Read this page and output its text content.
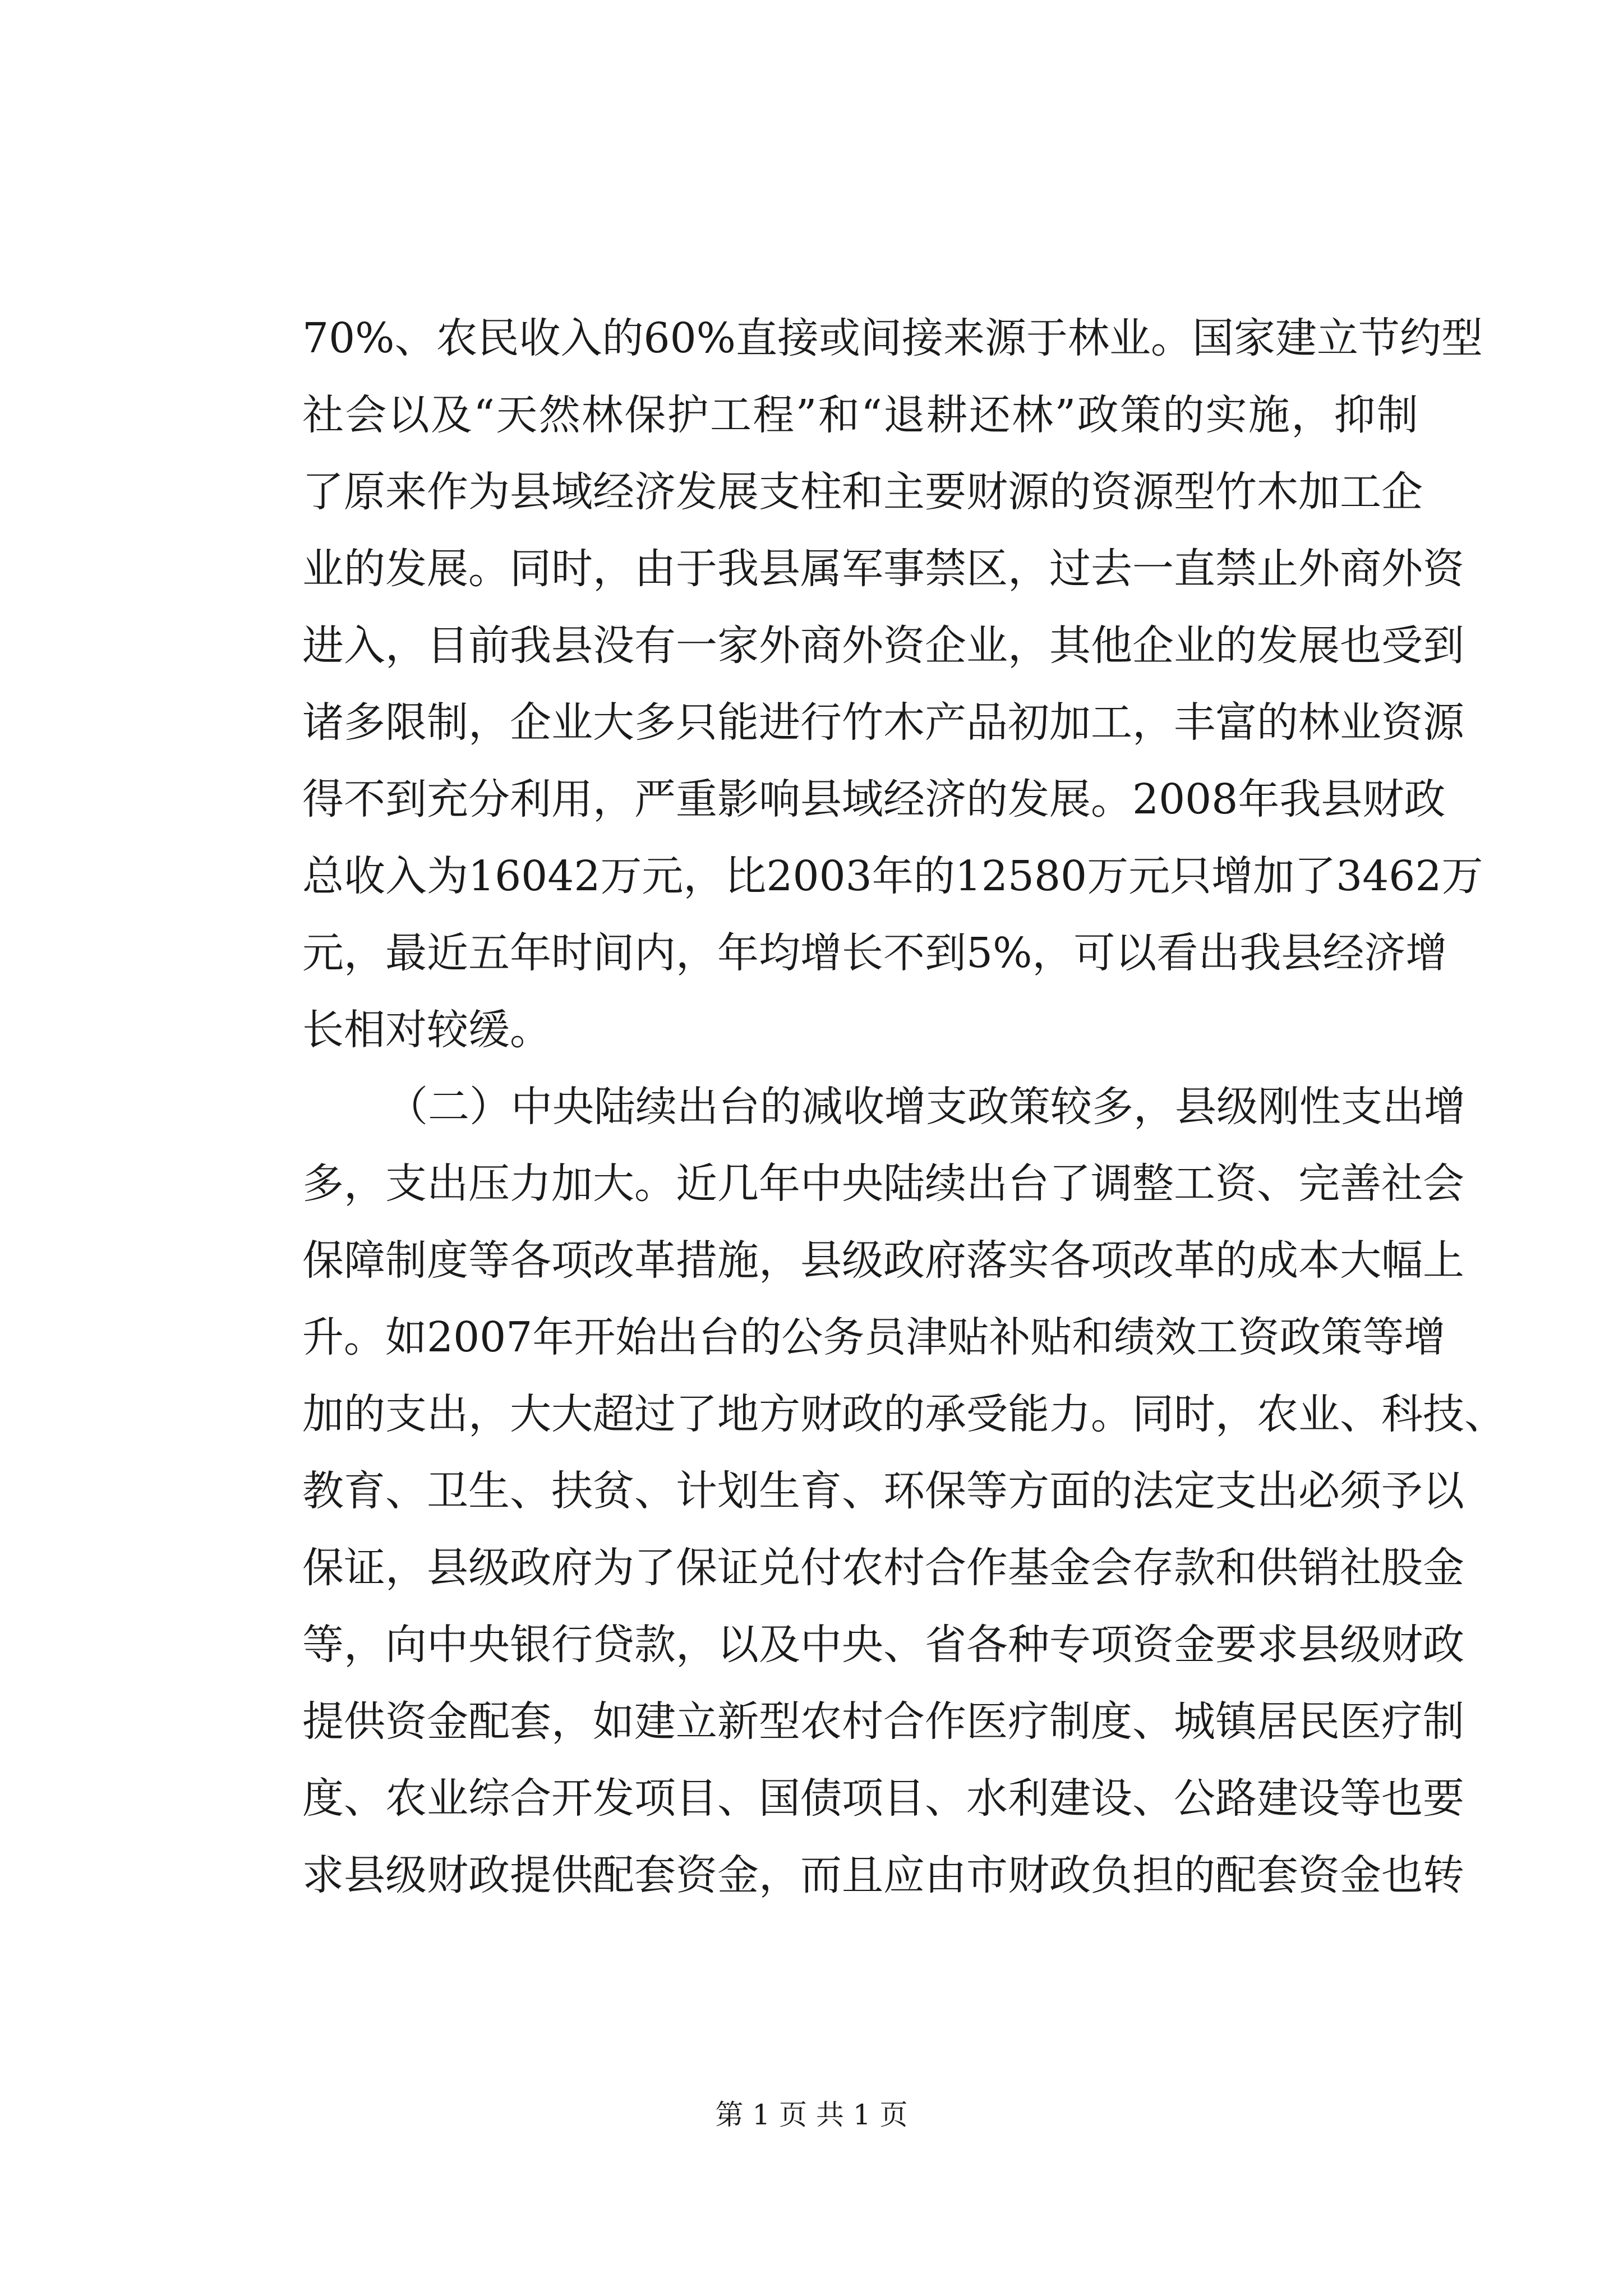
70% 、 农 民 收 入 的 60% 直 接 或 间 接 来 源 于 林 业 。 国 家 建 立 节 约 型
社 会 以 及 “ 天 然 林 保 护 工 程 ” 和 “ 退 耕 还 林 ” 政 策 的 实 施 ， 抑 制
了 原 来 作 为 县 域 经 济 发 展 支 柱 和 主 要 财 源 的 资 源 型 竹 木 加 工 企
业 的 发 展 。 同 时 ， 由 于 我 县 属 军 事 禁 区 ， 过 去 一 直 禁 止 外 商 外 资
进 入 ， 目 前 我 县 没 有 一 家 外 商 外 资 企 业 ， 其 他 企 业 的 发 展 也 受 到
诸 多 限 制 ， 企 业 大 多 只 能 进 行 竹 木 产 品 初 加 工 ， 丰 富 的 林 业 资 源
得 不 到 充 分 利 用 ， 严 重 影 响 县 域 经 济 的 发 展 。 2008 年 我 县 财 政
总 收 入 为 16042 万 元 ， 比 2003 年 的 12580 万 元 只 增 加 了 3462 万
元 ， 最 近 五 年 时 间 内 ， 年 均 增 长 不 到 5% ， 可 以 看 出 我 县 经 济 增
长相对较缓。
（ 二 ） 中 央 陆 续 出 台 的 减 收 增 支 政 策 较 多 ， 县 级 刚 性 支 出 增
多 ， 支 出 压 力 加 大 。 近 几 年 中 央 陆 续 出 台 了 调 整 工 资 、 完 善 社 会
保 障 制 度 等 各 项 改 革 措 施 ， 县 级 政 府 落 实 各 项 改 革 的 成 本 大 幅 上
升 。 如 2007 年 开 始 出 台 的 公 务 员 津 贴 补 贴 和 绩 效 工 资 政 策 等 增
加 的 支 出 ， 大 大 超 过 了 地 方 财 政 的 承 受 能 力 。 同 时 ， 农 业 、 科 技 、
教 育 、 卫 生 、 扶 贫 、 计 划 生 育 、 环 保 等 方 面 的 法 定 支 出 必 须 予 以
保 证 ， 县 级 政 府 为 了 保 证 兑 付 农 村 合 作 基 金 会 存 款 和 供 销 社 股 金
等 ， 向 中 央 银 行 贷 款 ， 以 及 中 央 、 省 各 种 专 项 资 金 要 求 县 级 财 政
提 供 资 金 配 套 ， 如 建 立 新 型 农 村 合 作 医 疗 制 度 、 城 镇 居 民 医 疗 制
度 、 农 业 综 合 开 发 项 目 、 国 债 项 目 、 水 利 建 设 、 公 路 建 设 等 也 要
求 县 级 财 政 提 供 配 套 资 金 ， 而 且 应 由 市 财 政 负 担 的 配 套 资 金 也 转
第 1 页 共 1 页
